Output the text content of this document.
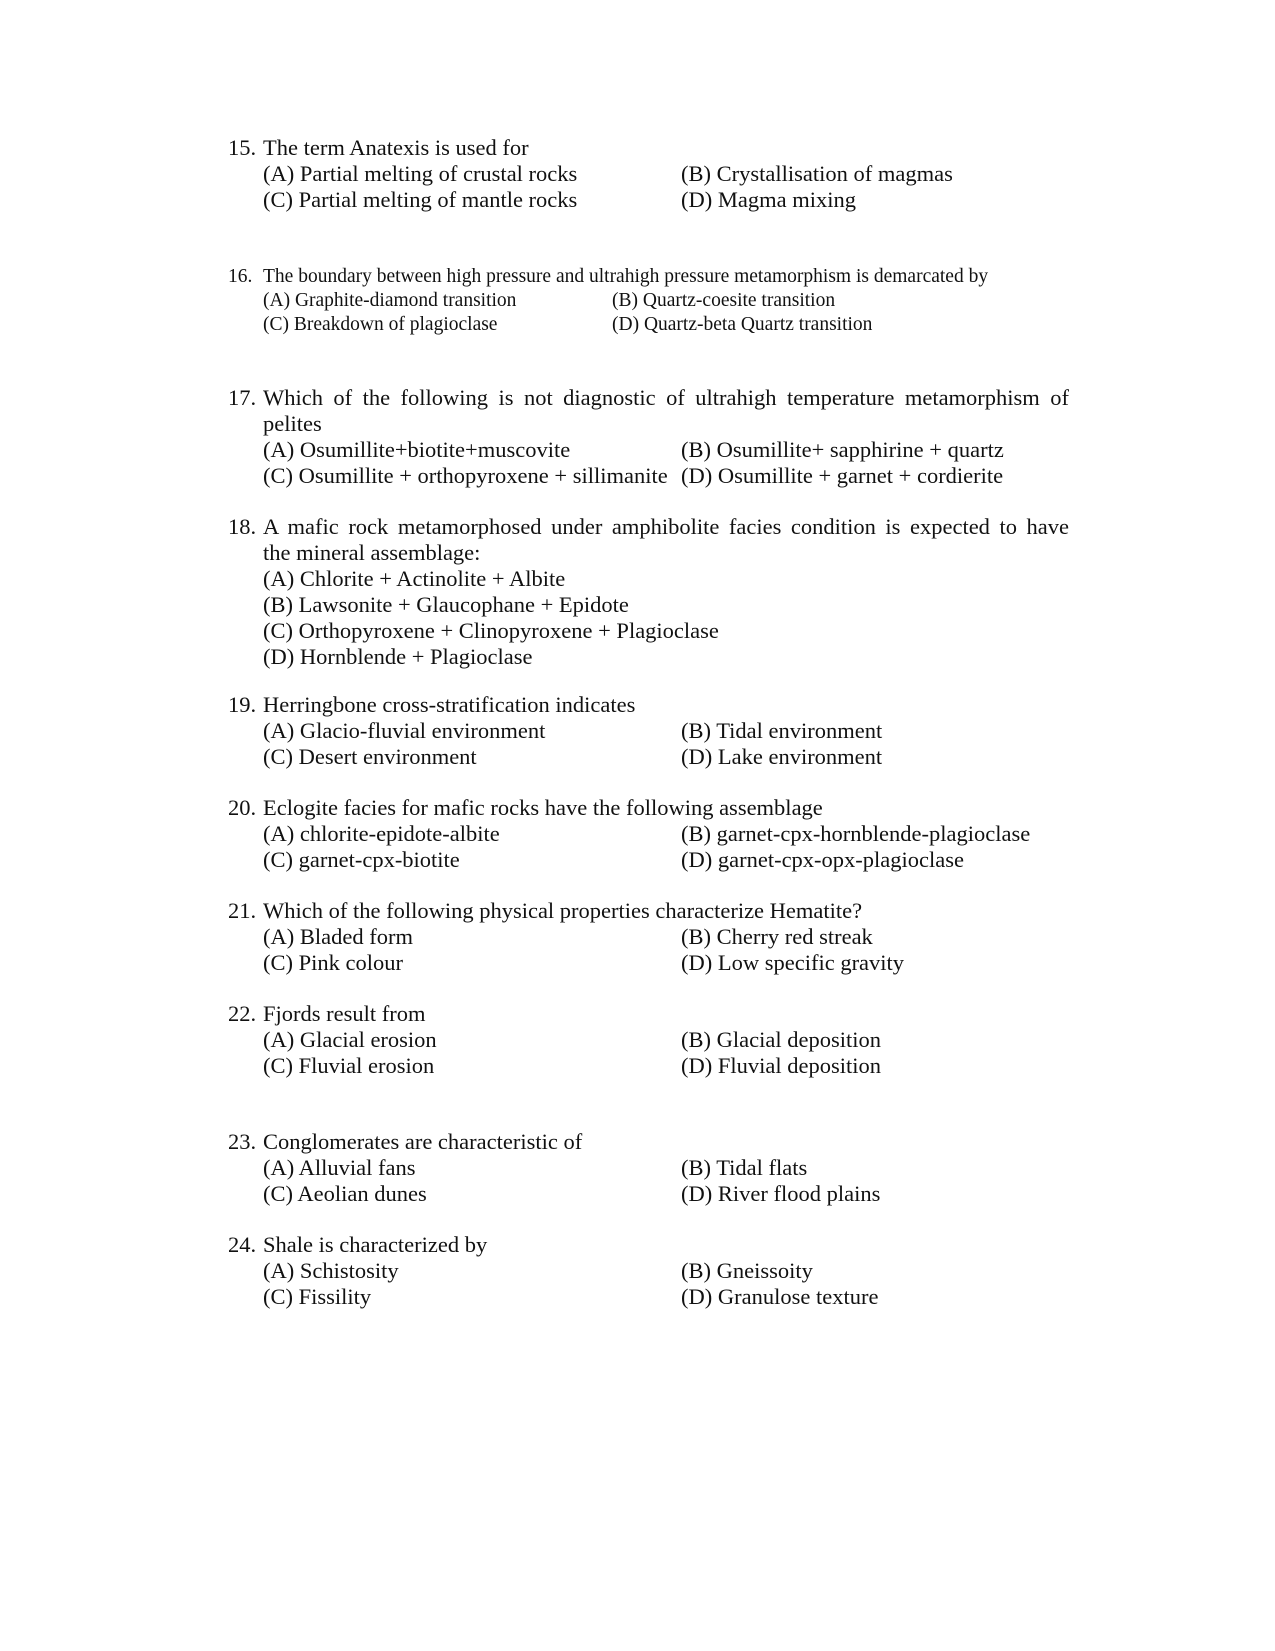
15. The term Anatexis is used for
(A) Partial melting of crustal rocks	(B) Crystallisation of magmas
(C) Partial melting of mantle rocks	(D) Magma mixing
16. The boundary between high pressure and ultrahigh pressure metamorphism is demarcated by
(A) Graphite-diamond transition	(B) Quartz-coesite transition
(C) Breakdown of plagioclase	(D) Quartz-beta Quartz transition
17. Which of the following is not diagnostic of ultrahigh temperature metamorphism of
pelites
(A) Osumillite+biotite+muscovite	(B) Osumillite+ sapphirine + quartz
(C) Osumillite + orthopyroxene + sillimanite (D) Osumillite + garnet + cordierite
18. A mafic rock metamorphosed under amphibolite facies condition is expected to have
the mineral assemblage:
(A) Chlorite + Actinolite + Albite
(B) Lawsonite + Glaucophane + Epidote
(C) Orthopyroxene + Clinopyroxene + Plagioclase
(D) Hornblende + Plagioclase
19. Herringbone cross-stratification indicates
(A) Glacio-fluvial environment	(B) Tidal environment
(C) Desert environment	(D) Lake environment
20. Eclogite facies for mafic rocks have the following assemblage
(A) chlorite-epidote-albite	(B) garnet-cpx-hornblende-plagioclase
(C) garnet-cpx-biotite	(D) garnet-cpx-opx-plagioclase
21. Which of the following physical properties characterize Hematite?
(A) Bladed form	(B) Cherry red streak
(C) Pink colour	(D) Low specific gravity
22. Fjords result from
(A) Glacial erosion	(B) Glacial deposition
(C) Fluvial erosion	(D) Fluvial deposition
23. Conglomerates are characteristic of
(A) Alluvial fans	(B) Tidal flats
(C) Aeolian dunes	(D) River flood plains
24. Shale is characterized by
(A) Schistosity	(B) Gneissoity
(C) Fissility	(D) Granulose texture
